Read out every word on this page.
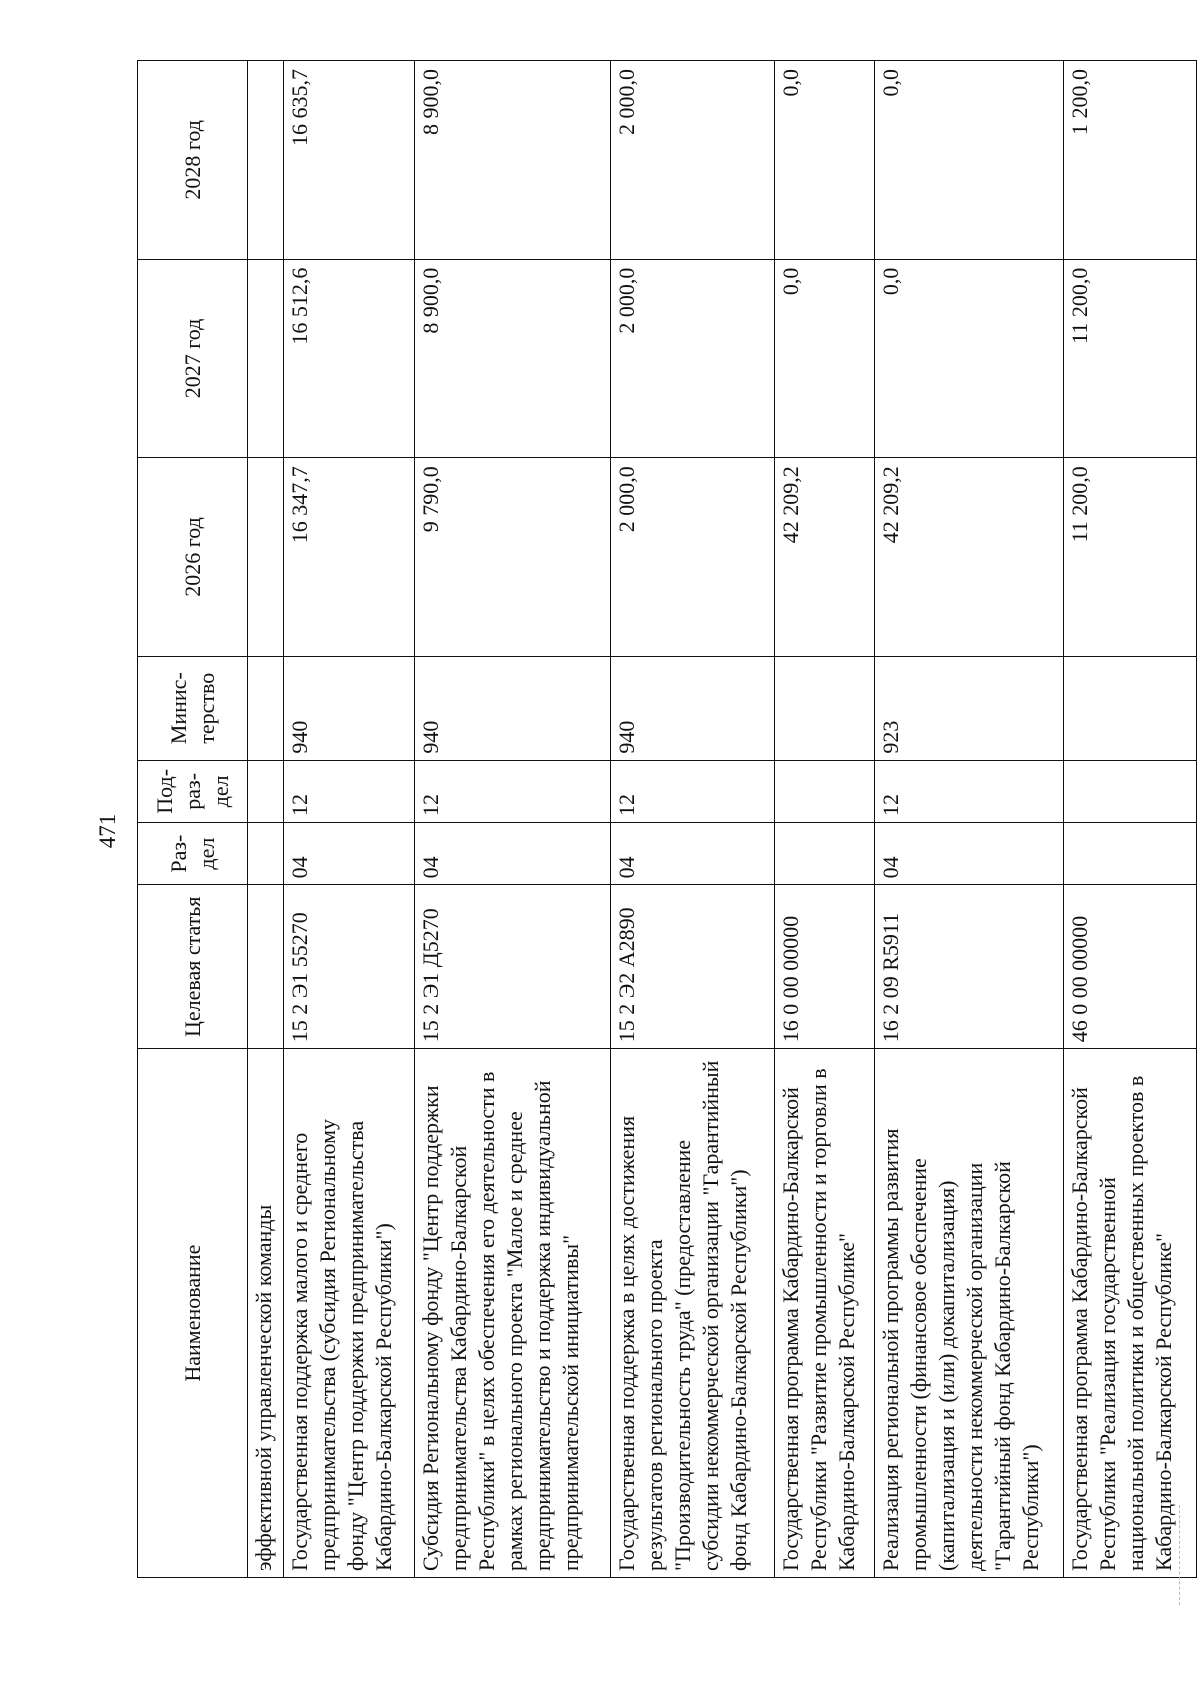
471
Наименование	Целевая статья	Раз-дел	Под-раз-дел	Минис-терство	2026 год	2027 год	2028 год
эффективной управленческой команды							
Государственная поддержка малого и среднего предпринимательства (субсидия Региональному фонду "Центр поддержки предпринимательства Кабардино-Балкарской Республики")	15 2 Э1 55270	04	12	940	16 347,7	16 512,6	16 635,7
Субсидия Региональному фонду "Центр поддержки предпринимательства Кабардино-Балкарской Республики" в целях обеспечения его деятельности в рамках регионального проекта "Малое и среднее предпринимательство и поддержка индивидуальной предпринимательской инициативы"	15 2 Э1 Д5270	04	12	940	9 790,0	8 900,0	8 900,0
Государственная поддержка в целях достижения результатов регионального проекта "Производительность труда" (предоставление субсидии некоммерческой организации "Гарантийный фонд Кабардино-Балкарской Республики")	15 2 Э2 А2890	04	12	940	2 000,0	2 000,0	2 000,0
Государственная программа Кабардино-Балкарской Республики "Развитие промышленности и торговли в Кабардино-Балкарской Республике"	16 0 00 00000				42 209,2	0,0	0,0
Реализация региональной программы развития промышленности (финансовое обеспечение (капитализация и (или) докапитализация) деятельности некоммерческой организации "Гарантийный фонд Кабардино-Балкарской Республики")	16 2 09 R5911	04	12	923	42 209,2	0,0	0,0
Государственная программа Кабардино-Балкарской Республики "Реализация государственной национальной политики и общественных проектов в Кабардино-Балкарской Республике"	46 0 00 00000				11 200,0	11 200,0	1 200,0
